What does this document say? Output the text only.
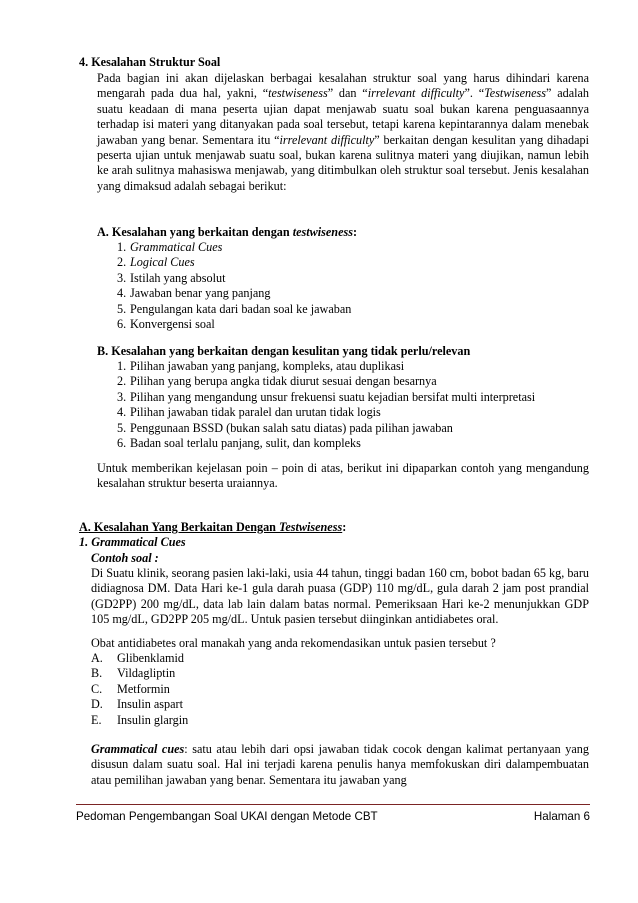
4. Kesalahan Struktur Soal
Pada bagian ini akan dijelaskan berbagai kesalahan struktur soal yang harus dihindari karena mengarah pada dua hal, yakni, “testwiseness” dan “irrelevant difficulty”. “Testwiseness” adalah suatu keadaan di mana peserta ujian dapat menjawab suatu soal bukan karena penguasaannya terhadap isi materi yang ditanyakan pada soal tersebut, tetapi karena kepintarannya dalam menebak jawaban yang benar. Sementara itu “irrelevant difficulty” berkaitan dengan kesulitan yang dihadapi peserta ujian untuk menjawab suatu soal, bukan karena sulitnya materi yang diujikan, namun lebih ke arah sulitnya mahasiswa menjawab, yang ditimbulkan oleh struktur soal tersebut. Jenis kesalahan yang dimaksud adalah sebagai berikut:
A. Kesalahan yang berkaitan dengan testwiseness:
1. Grammatical Cues
2. Logical Cues
3. Istilah yang absolut
4. Jawaban benar yang panjang
5. Pengulangan kata dari badan soal ke jawaban
6. Konvergensi soal
B. Kesalahan yang berkaitan dengan kesulitan yang tidak perlu/relevan
1. Pilihan jawaban yang panjang, kompleks, atau duplikasi
2. Pilihan yang berupa angka tidak diurut sesuai dengan besarnya
3. Pilihan yang mengandung unsur frekuensi suatu kejadian bersifat multi interpretasi
4. Pilihan jawaban tidak paralel dan urutan tidak logis
5. Penggunaan BSSD (bukan salah satu diatas) pada pilihan jawaban
6. Badan soal terlalu panjang, sulit, dan kompleks
Untuk memberikan kejelasan poin – poin di atas, berikut ini dipaparkan contoh yang mengandung kesalahan struktur beserta uraiannya.
A. Kesalahan Yang Berkaitan Dengan Testwiseness:
1. Grammatical Cues
Contoh soal :
Di Suatu klinik, seorang pasien laki-laki, usia 44 tahun, tinggi badan 160 cm, bobot badan 65 kg, baru didiagnosa DM. Data Hari ke-1 gula darah puasa (GDP) 110 mg/dL, gula darah 2 jam post prandial (GD2PP) 200 mg/dL, data lab lain dalam batas normal. Pemeriksaan Hari ke-2 menunjukkan GDP 105 mg/dL, GD2PP 205 mg/dL. Untuk pasien tersebut diinginkan antidiabetes oral.
Obat antidiabetes oral manakah yang anda rekomendasikan untuk pasien tersebut ?
A. Glibenklamid
B. Vildagliptin
C. Metformin
D. Insulin aspart
E. Insulin glargin
Grammatical cues: satu atau lebih dari opsi jawaban tidak cocok dengan kalimat pertanyaan yang disusun dalam suatu soal. Hal ini terjadi karena penulis hanya memfokuskan diri dalampembuatan atau pemilihan jawaban yang benar. Sementara itu jawaban yang
Pedoman Pengembangan Soal UKAI dengan Metode CBT	Halaman 6
